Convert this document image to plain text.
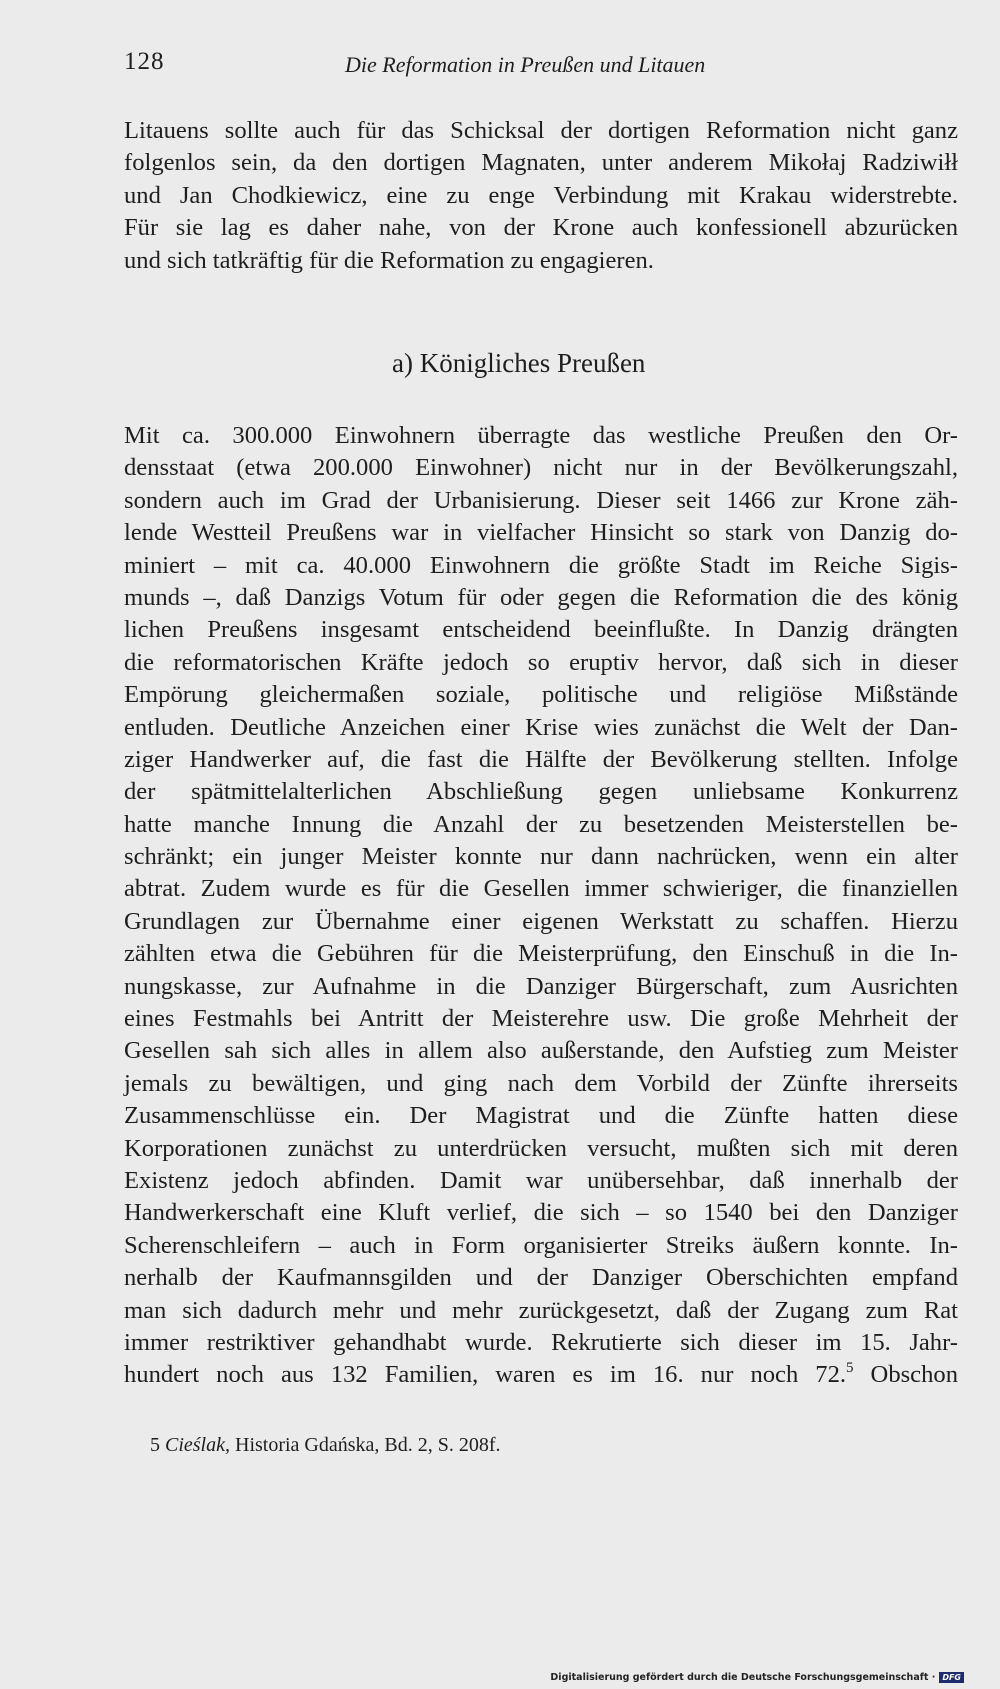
128	Die Reformation in Preußen und Litauen
Litauens sollte auch für das Schicksal der dortigen Reformation nicht ganz
folgenlos sein, da den dortigen Magnaten, unter anderem Mikołaj Radziwiłł
und Jan Chodkiewicz, eine zu enge Verbindung mit Krakau widerstrebte.
Für sie lag es daher nahe, von der Krone auch konfessionell abzurücken
und sich tatkräftig für die Reformation zu engagieren.
a) Königliches Preußen
Mit ca. 300.000 Einwohnern überragte das westliche Preußen den Or-
densstaat (etwa 200.000 Einwohner) nicht nur in der Bevölkerungszahl,
sondern auch im Grad der Urbanisierung. Dieser seit 1466 zur Krone zäh-
lende Westteil Preußens war in vielfacher Hinsicht so stark von Danzig do-
miniert – mit ca. 40.000 Einwohnern die größte Stadt im Reiche Sigis-
munds –, daß Danzigs Votum für oder gegen die Reformation die des könig
lichen Preußens insgesamt entscheidend beeinflußte. In Danzig drängten
die reformatorischen Kräfte jedoch so eruptiv hervor, daß sich in dieser
Empörung gleichermaßen soziale, politische und religiöse Mißstände
entluden. Deutliche Anzeichen einer Krise wies zunächst die Welt der Dan-
ziger Handwerker auf, die fast die Hälfte der Bevölkerung stellten. Infolge
der spätmittelalterlichen Abschließung gegen unliebsame Konkurrenz
hatte manche Innung die Anzahl der zu besetzenden Meisterstellen be-
schränkt; ein junger Meister konnte nur dann nachrücken, wenn ein alter
abtrat. Zudem wurde es für die Gesellen immer schwieriger, die finanziellen
Grundlagen zur Übernahme einer eigenen Werkstatt zu schaffen. Hierzu
zählten etwa die Gebühren für die Meisterprüfung, den Einschuß in die In-
nungskasse, zur Aufnahme in die Danziger Bürgerschaft, zum Ausrichten
eines Festmahls bei Antritt der Meisterehre usw. Die große Mehrheit der
Gesellen sah sich alles in allem also außerstande, den Aufstieg zum Meister
jemals zu bewältigen, und ging nach dem Vorbild der Zünfte ihrerseits
Zusammenschlüsse ein. Der Magistrat und die Zünfte hatten diese
Korporationen zunächst zu unterdrücken versucht, mußten sich mit deren
Existenz jedoch abfinden. Damit war unübersehbar, daß innerhalb der
Handwerkerschaft eine Kluft verlief, die sich – so 1540 bei den Danziger
Scherenschleifern – auch in Form organisierter Streiks äußern konnte. In-
nerhalb der Kaufmannsgilden und der Danziger Oberschichten empfand
man sich dadurch mehr und mehr zurückgesetzt, daß der Zugang zum Rat
immer restriktiver gehandhabt wurde. Rekrutierte sich dieser im 15. Jahr-
hundert noch aus 132 Familien, waren es im 16. nur noch 72.$^5$ Obschon
5 Cieślak, Historia Gdańska, Bd. 2, S. 208f.
Digitalisierung gefördert durch die Deutsche Forschungsgemeinschaft · DFG
